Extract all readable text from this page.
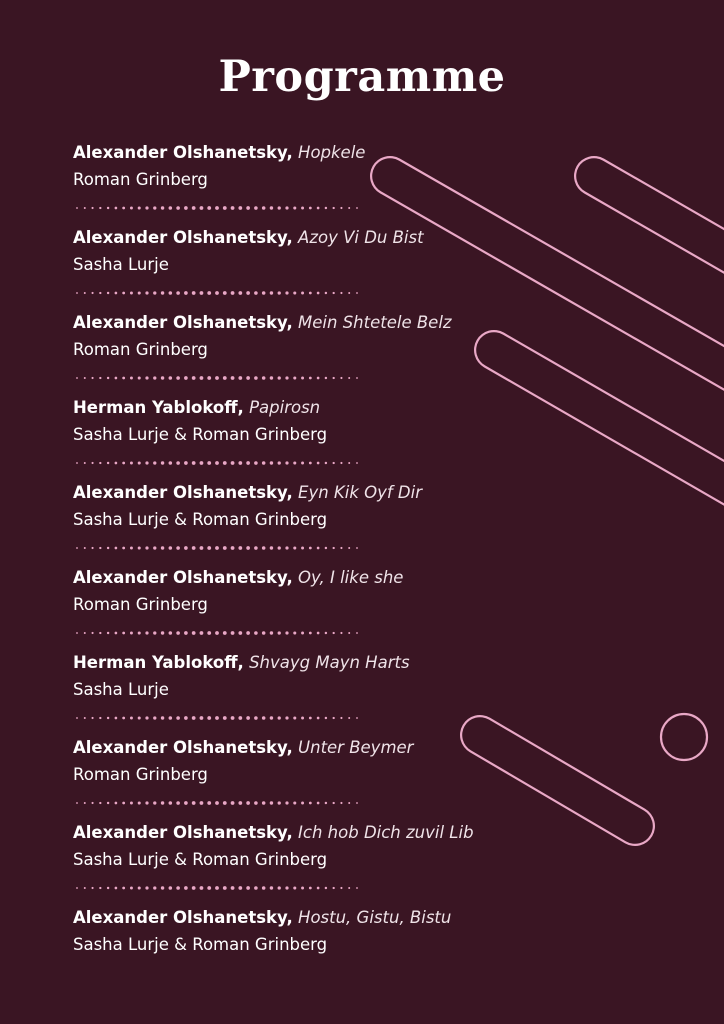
Programme
Alexander Olshanetsky, Hopkele
Roman Grinberg
Alexander Olshanetsky, Azoy Vi Du Bist
Sasha Lurje
Alexander Olshanetsky, Mein Shtetele Belz
Roman Grinberg
Herman Yablokoff, Papirosn
Sasha Lurje & Roman Grinberg
Alexander Olshanetsky, Eyn Kik Oyf Dir
Sasha Lurje & Roman Grinberg
Alexander Olshanetsky, Oy, I like she
Roman Grinberg
Herman Yablokoff, Shvayg Mayn Harts
Sasha Lurje
Alexander Olshanetsky, Unter Beymer
Roman Grinberg
Alexander Olshanetsky, Ich hob Dich zuvil Lib
Sasha Lurje & Roman Grinberg
Alexander Olshanetsky, Hostu, Gistu, Bistu
Sasha Lurje & Roman Grinberg
